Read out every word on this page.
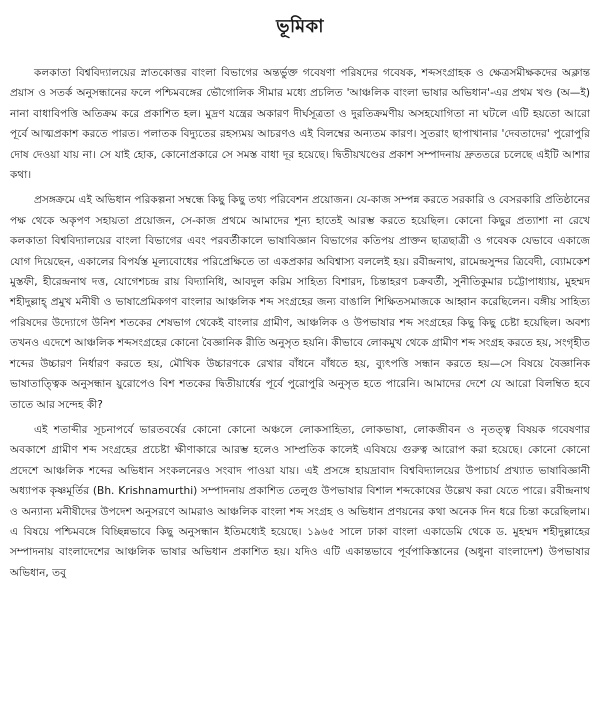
ভূমিকা

কলকাতা বিশ্ববিদ্যালয়ের স্নাতকোত্তর বাংলা বিভাগের অন্তর্ভুক্ত গবেষণা পরিষদের গবেষক, শব্দসংগ্রাহক ও ক্ষেত্রসমীক্ষকদের অক্লান্ত প্রয়াস ও সতর্ক অনুসন্ধানের ফলে পশ্চিমবঙ্গের ভৌগোলিক সীমার মধ্যে প্রচলিত 'আঞ্চলিক বাংলা ভাষার অভিধান'-এর প্রথম খণ্ড (অ—ই) নানা বাধাবিপত্তি অতিক্রম করে প্রকাশিত হল। মুদ্রণ যন্ত্রের অকারণ দীর্ঘসূত্রতা ও দুরতিক্রমণীয় অসহযোগিতা না ঘটলে এটি হয়তো আরো পূর্বে আত্মপ্রকাশ করতে পারত। পলাতক বিদ্যুতের রহস্যময় আচরণও এই বিলম্বের অন্যতম কারণ। সুতরাং ছাপাখানার 'দেবতাদের' পুরোপুরি দোষ দেওয়া যায় না। সে যাই হোক, কোনোপ্রকারে সে সমস্ত বাধা দূর হয়েছে। দ্বিতীয়খণ্ডের প্রকাশ সম্পাদনায় দ্রুততরে চলেছে এইটি আশার কথা।

প্রসঙ্গক্রমে এই অভিধান পরিকল্পনা সম্বন্ধে কিছু কিছু তথ্য পরিবেশন প্রয়োজন। যে-কাজ সম্পন্ন করতে সরকারি ও বেসরকারি প্রতিষ্ঠানের পক্ষ থেকে অকৃপণ সহায়তা প্রয়োজন, সে-কাজ প্রথমে আমাদের শূন্য হাতেই আরম্ভ করতে হয়েছিল। কোনো কিছুর প্রত্যাশা না রেখে কলকাতা বিশ্ববিদ্যালয়ের বাংলা বিভাগের এবং পরবর্তীকালে ভাষাবিজ্ঞান বিভাগের কতিপয় প্রাক্তন ছাত্রছাত্রী ও গবেষক যেভাবে একাজে যোগ দিয়েছেন, একালের বিপর্যস্ত মূল্যবোধের পরিপ্রেক্ষিতে তা একপ্রকার অবিশ্বাস্য বললেই হয়। রবীন্দ্রনাথ, রামেন্দ্রসুন্দর ত্রিবেদী, ব্যোমকেশ মুস্তফী, হীরেন্দ্রনাথ দত্ত, যোগেশচন্দ্র রায় বিদ্যানিধি, আবদুল করিম সাহিত্য বিশারদ, চিন্তাহরণ চক্রবর্তী, সুনীতিকুমার চট্টোপাধ্যায়, মুহম্মদ শহীদুল্লাহ্ প্রমুখ মনীষী ও ভাষাপ্রেমিকগণ বাংলার আঞ্চলিক শব্দ সংগ্রহের জন্য বাঙালি শিক্ষিতসমাজকে আহ্বান করেছিলেন। বঙ্গীয় সাহিত্য পরিষদের উদ্যোগে উনিশ শতকের শেষভাগ থেকেই বাংলার গ্রামীণ, আঞ্চলিক ও উপভাষার শব্দ সংগ্রহের কিছু কিছু চেষ্টা হয়েছিল। অবশ্য তখনও এদেশে আঞ্চলিক শব্দসংগ্রহের কোনো বৈজ্ঞানিক রীতি অনুসৃত হয়নি। কীভাবে লোকমুখ থেকে গ্রামীণ শব্দ সংগ্রহ করতে হয়, সংগৃহীত শব্দের উচ্চারণ নির্ধারণ করতে হয়, মৌখিক উচ্চারণকে রেখার বাঁধনে বাঁধতে হয়, ব্যুৎপত্তি সন্ধান করতে হয়—সে বিষয়ে বৈজ্ঞানিক ভাষাতাত্ত্বিক অনুসন্ধান য়ুরোপেও বিশ শতকের দ্বিতীয়ার্ধের পূর্বে পুরোপুরি অনুসৃত হতে পারেনি। আমাদের দেশে যে আরো বিলম্বিত হবে তাতে আর সন্দেহ কী?

এই শতাব্দীর সূচনাপর্বে ভারতবর্ষের কোনো কোনো অঞ্চলে লোকসাহিত্য, লোকভাষা, লোকজীবন ও নৃতত্ত্ব বিষয়ক গবেষণার অবকাশে গ্রামীণ শব্দ সংগ্রহের প্রচেষ্টা ক্ষীণাকারে আরম্ভ হলেও সাম্প্রতিক কালেই এবিষয়ে গুরুত্ব আরোপ করা হয়েছে। কোনো কোনো প্রদেশে আঞ্চলিক শব্দের অভিধান সংকলনেরও সংবাদ পাওয়া যায়। এই প্রসঙ্গে হায়দ্রাবাদ বিশ্ববিদ্যালয়ের উপাচার্য প্রখ্যাত ভাষাবিজ্ঞানী অধ্যাপক কৃষ্ণমূর্তির (Bh. Krishnamurthi) সম্পাদনায় প্রকাশিত তেলুগু উপভাষার বিশাল শব্দকোষের উল্লেখ করা যেতে পারে। রবীন্দ্রনাথ ও অন্যান্য মনীষীদের উপদেশ অনুসরণে আমরাও আঞ্চলিক বাংলা শব্দ সংগ্রহ ও অভিধান প্রণয়নের কথা অনেক দিন ধরে চিন্তা করেছিলাম। এ বিষয়ে পশ্চিমবঙ্গে বিচ্ছিন্নভাবে কিছু অনুসন্ধান ইতিমধ্যেই হয়েছে। ১৯৬৫ সালে ঢাকা বাংলা একাডেমি থেকে ড. মুহম্মদ শহীদুল্লাহের সম্পাদনায় বাংলাদেশের আঞ্চলিক ভাষার অভিধান প্রকাশিত হয়। যদিও এটি একান্তভাবে পূর্বপাকিস্তানের (অধুনা বাংলাদেশ) উপভাষার অভিধান, তবু
